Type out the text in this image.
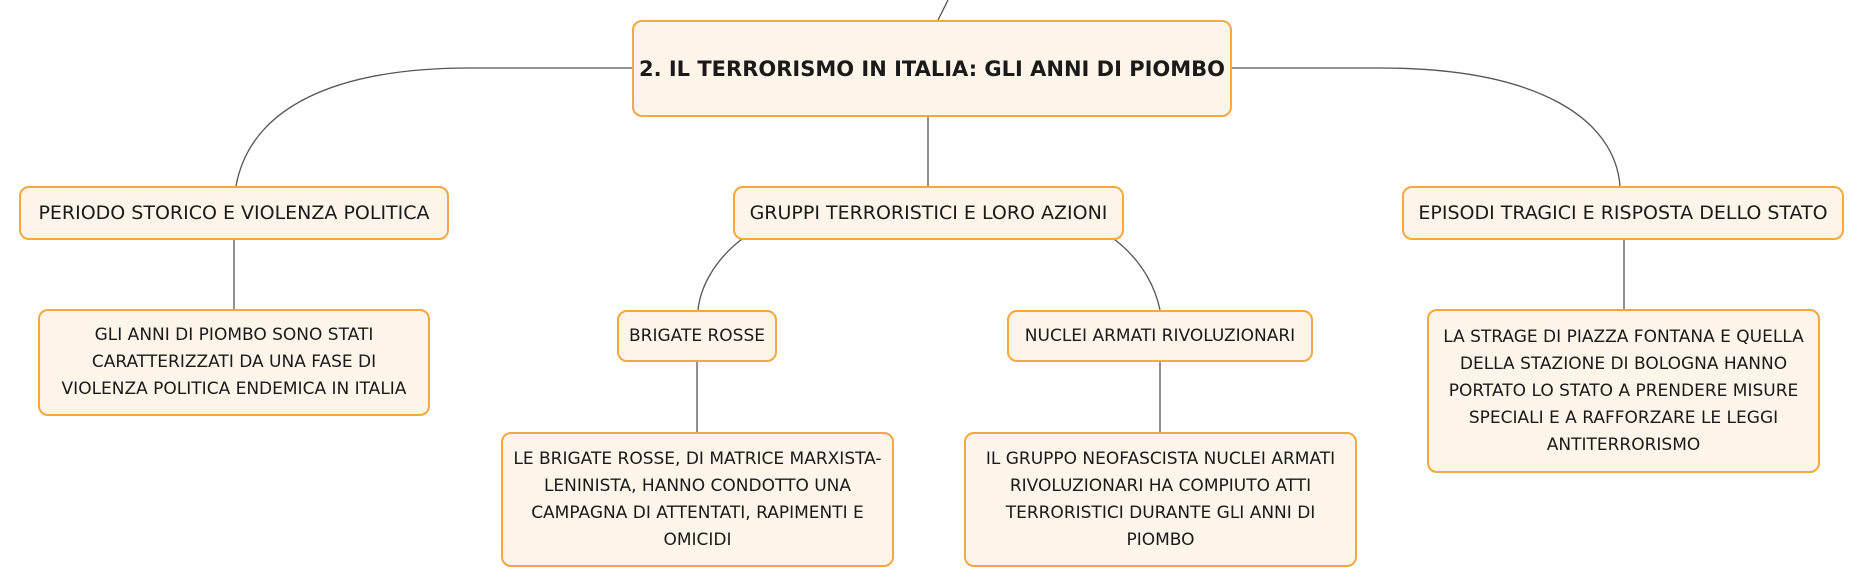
2. IL TERRORISMO IN ITALIA: GLI ANNI DI PIOMBO
PERIODO STORICO E VIOLENZA POLITICA
GLI ANNI DI PIOMBO SONO STATI CARATTERIZZATI DA UNA FASE DI VIOLENZA POLITICA ENDEMICA IN ITALIA
GRUPPI TERRORISTICI E LORO AZIONI
BRIGATE ROSSE
LE BRIGATE ROSSE, DI MATRICE MARXISTA-LENINISTA, HANNO CONDOTTO UNA CAMPAGNA DI ATTENTATI, RAPIMENTI E OMICIDI
NUCLEI ARMATI RIVOLUZIONARI
IL GRUPPO NEOFASCISTA NUCLEI ARMATI RIVOLUZIONARI HA COMPIUTO ATTI TERRORISTICI DURANTE GLI ANNI DI PIOMBO
EPISODI TRAGICI E RISPOSTA DELLO STATO
LA STRAGE DI PIAZZA FONTANA E QUELLA DELLA STAZIONE DI BOLOGNA HANNO PORTATO LO STATO A PRENDERE MISURE SPECIALI E A RAFFORZARE LE LEGGI ANTITERRORISMO
